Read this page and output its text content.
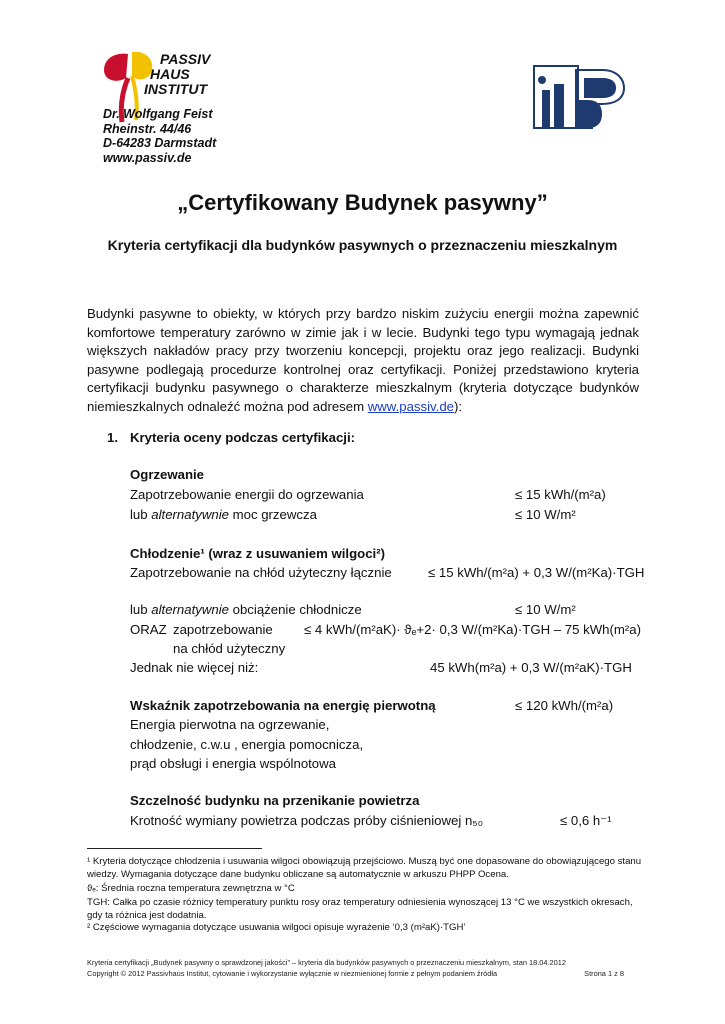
PASSIV
HAUS
INSTITUT
Dr. Wolfgang Feist
Rheinstr. 44/46
D-64283 Darmstadt
www.passiv.de
„Certyfikowany Budynek pasywny”
Kryteria certyfikacji dla budynków pasywnych o przeznaczeniu mieszkalnym
Budynki pasywne to obiekty, w których przy bardzo niskim zużyciu energii można zapewnić komfortowe temperatury zarówno w zimie jak i w lecie. Budynki tego typu wymagają jednak większych nakładów pracy przy tworzeniu koncepcji, projektu oraz jego realizacji. Budynki pasywne podlegają procedurze kontrolnej oraz certyfikacji. Poniżej przedstawiono kryteria certyfikacji budynku pasywnego o charakterze mieszkalnym (kryteria dotyczące budynków niemieszkalnych odnaleźć można pod adresem www.passiv.de):
1. Kryteria oceny podczas certyfikacji:
Ogrzewanie
Zapotrzebowanie energii do ogrzewania	≤ 15 kWh/(m²a)
lub alternatywnie moc grzewcza	≤ 10 W/m²
Chłodzenie¹ (wraz z usuwaniem wilgoci²)
Zapotrzebowanie na chłód użyteczny łącznie	≤ 15 kWh/(m²a) + 0,3 W/(m²Ka)·TGH
lub alternatywnie obciążenie chłodnicze	≤ 10 W/m²
ORAZ zapotrzebowanie ≤ 4 kWh/(m²aK)· ϑₑ+2· 0,3 W/(m²Ka)·TGH – 75 kWh(m²a)
na chłód użyteczny
Jednak nie więcej niż:	45 kWh(m²a) + 0,3 W/(m²aK)·TGH
Wskaźnik zapotrzebowania na energię pierwotną	≤ 120 kWh/(m²a)
Energia pierwotna na ogrzewanie,
chłodzenie, c.w.u , energia pomocnicza,
prąd obsługi i energia wspólnotowa
Szczelność budynku na przenikanie powietrza
Krotność wymiany powietrza podczas próby ciśnieniowej n₅₀	≤ 0,6 h⁻¹
¹ Kryteria dotyczące chłodzenia i usuwania wilgoci obowiązują przejściowo. Muszą być one dopasowane do obowiązującego stanu wiedzy. Wymagania dotyczące dane budynku obliczane są automatycznie w arkuszu PHPP Ocena.
ϑₑ: Średnia roczna temperatura zewnętrzna w °C
TGH: Całka po czasie różnicy temperatury punktu rosy oraz temperatury odniesienia wynoszącej 13 °C we wszystkich okresach, gdy ta różnica jest dodatnia.
² Częściowe wymagania dotyczące usuwania wilgoci opisuje wyrażenie ‘0,3 (m²aK)·TGH’
Kryteria certyfikacji „Budynek pasywny o sprawdzonej jakości” – kryteria dla budynków pasywnych o przeznaczeniu mieszkalnym, stan 18.04.2012
Copyright © 2012 Passivhaus Institut, cytowanie i wykorzystanie wyłącznie w niezmienionej formie z pełnym podaniem źródła	Strona 1 z 8
